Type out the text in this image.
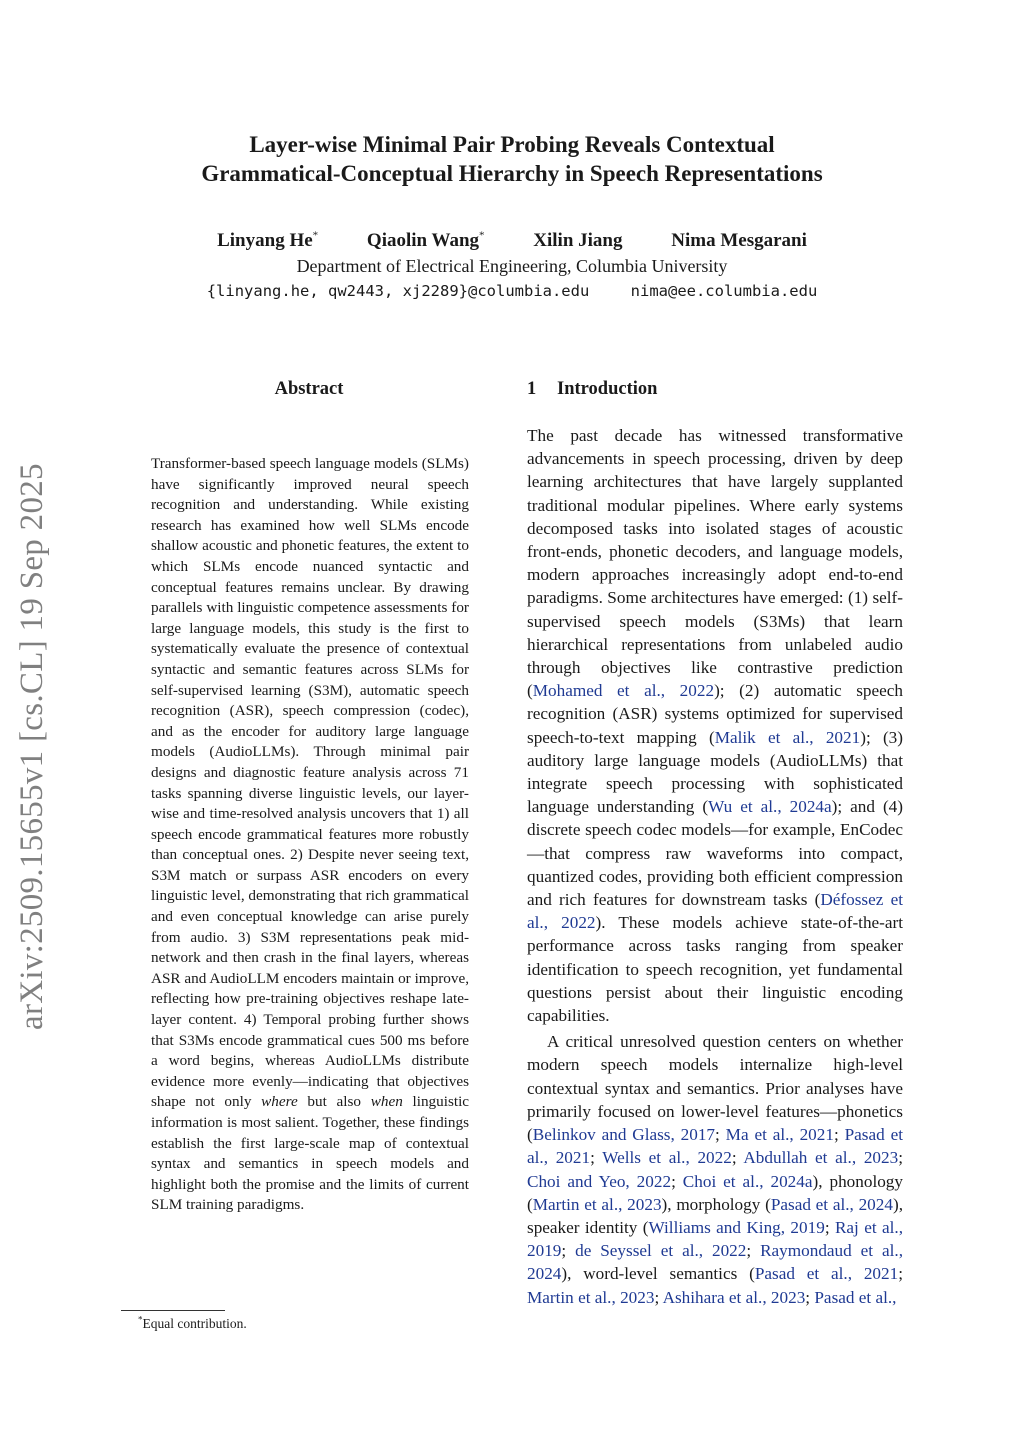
Layer-wise Minimal Pair Probing Reveals Contextual
Grammatical-Conceptual Hierarchy in Speech Representations
Linyang He*	Qiaolin Wang*	Xilin Jiang	Nima Mesgarani
Department of Electrical Engineering, Columbia University
{linyang.he, qw2443, xj2289}@columbia.edu	nima@ee.columbia.edu
arXiv:2509.15655v1 [cs.CL] 19 Sep 2025
Abstract
Transformer-based speech language models (SLMs) have significantly improved neural speech recognition and understanding. While existing research has examined how well SLMs encode shallow acoustic and phonetic features, the extent to which SLMs encode nuanced syntactic and conceptual features remains unclear. By drawing parallels with linguistic competence assessments for large language models, this study is the first to systematically evaluate the presence of contextual syntactic and semantic features across SLMs for self-supervised learning (S3M), automatic speech recognition (ASR), speech compression (codec), and as the encoder for auditory large language models (AudioLLMs). Through minimal pair designs and diagnostic feature analysis across 71 tasks spanning diverse linguistic levels, our layer-wise and time-resolved analysis uncovers that 1) all speech encode grammatical features more robustly than conceptual ones. 2) Despite never seeing text, S3M match or surpass ASR encoders on every linguistic level, demonstrating that rich grammatical and even conceptual knowledge can arise purely from audio. 3) S3M representations peak mid-network and then crash in the final layers, whereas ASR and AudioLLM encoders maintain or improve, reflecting how pre-training objectives reshape late-layer content. 4) Temporal probing further shows that S3Ms encode grammatical cues 500 ms before a word begins, whereas AudioLLMs distribute evidence more evenly—indicating that objectives shape not only where but also when linguistic information is most salient. Together, these findings establish the first large-scale map of contextual syntax and semantics in speech models and highlight both the promise and the limits of current SLM training paradigms.
1 Introduction

The past decade has witnessed transformative advancements in speech processing, driven by deep learning architectures that have largely supplanted traditional modular pipelines. Where early systems decomposed tasks into isolated stages of acoustic front-ends, phonetic decoders, and language models, modern approaches increasingly adopt end-to-end paradigms. Some architectures have emerged: (1) self-supervised speech models (S3Ms) that learn hierarchical representations from unlabeled audio through objectives like contrastive prediction (Mohamed et al., 2022); (2) automatic speech recognition (ASR) systems optimized for supervised speech-to-text mapping (Malik et al., 2021); (3) auditory large language models (AudioLLMs) that integrate speech processing with sophisticated language understanding (Wu et al., 2024a); and (4) discrete speech codec models—for example, EnCodec—that compress raw waveforms into compact, quantized codes, providing both efficient compression and rich features for downstream tasks (Défossez et al., 2022). These models achieve state-of-the-art performance across tasks ranging from speaker identification to speech recognition, yet fundamental questions persist about their linguistic encoding capabilities.

A critical unresolved question centers on whether modern speech models internalize high-level contextual syntax and semantics. Prior analyses have primarily focused on lower-level features—phonetics (Belinkov and Glass, 2017; Ma et al., 2021; Pasad et al., 2021; Wells et al., 2022; Abdullah et al., 2023; Choi and Yeo, 2022; Choi et al., 2024a), phonology (Martin et al., 2023), morphology (Pasad et al., 2024), speaker identity (Williams and King, 2019; Raj et al., 2019; de Seyssel et al., 2022; Raymondaud et al., 2024), word-level semantics (Pasad et al., 2021; Martin et al., 2023; Ashihara et al., 2023; Pasad et al.,

*Equal contribution.
